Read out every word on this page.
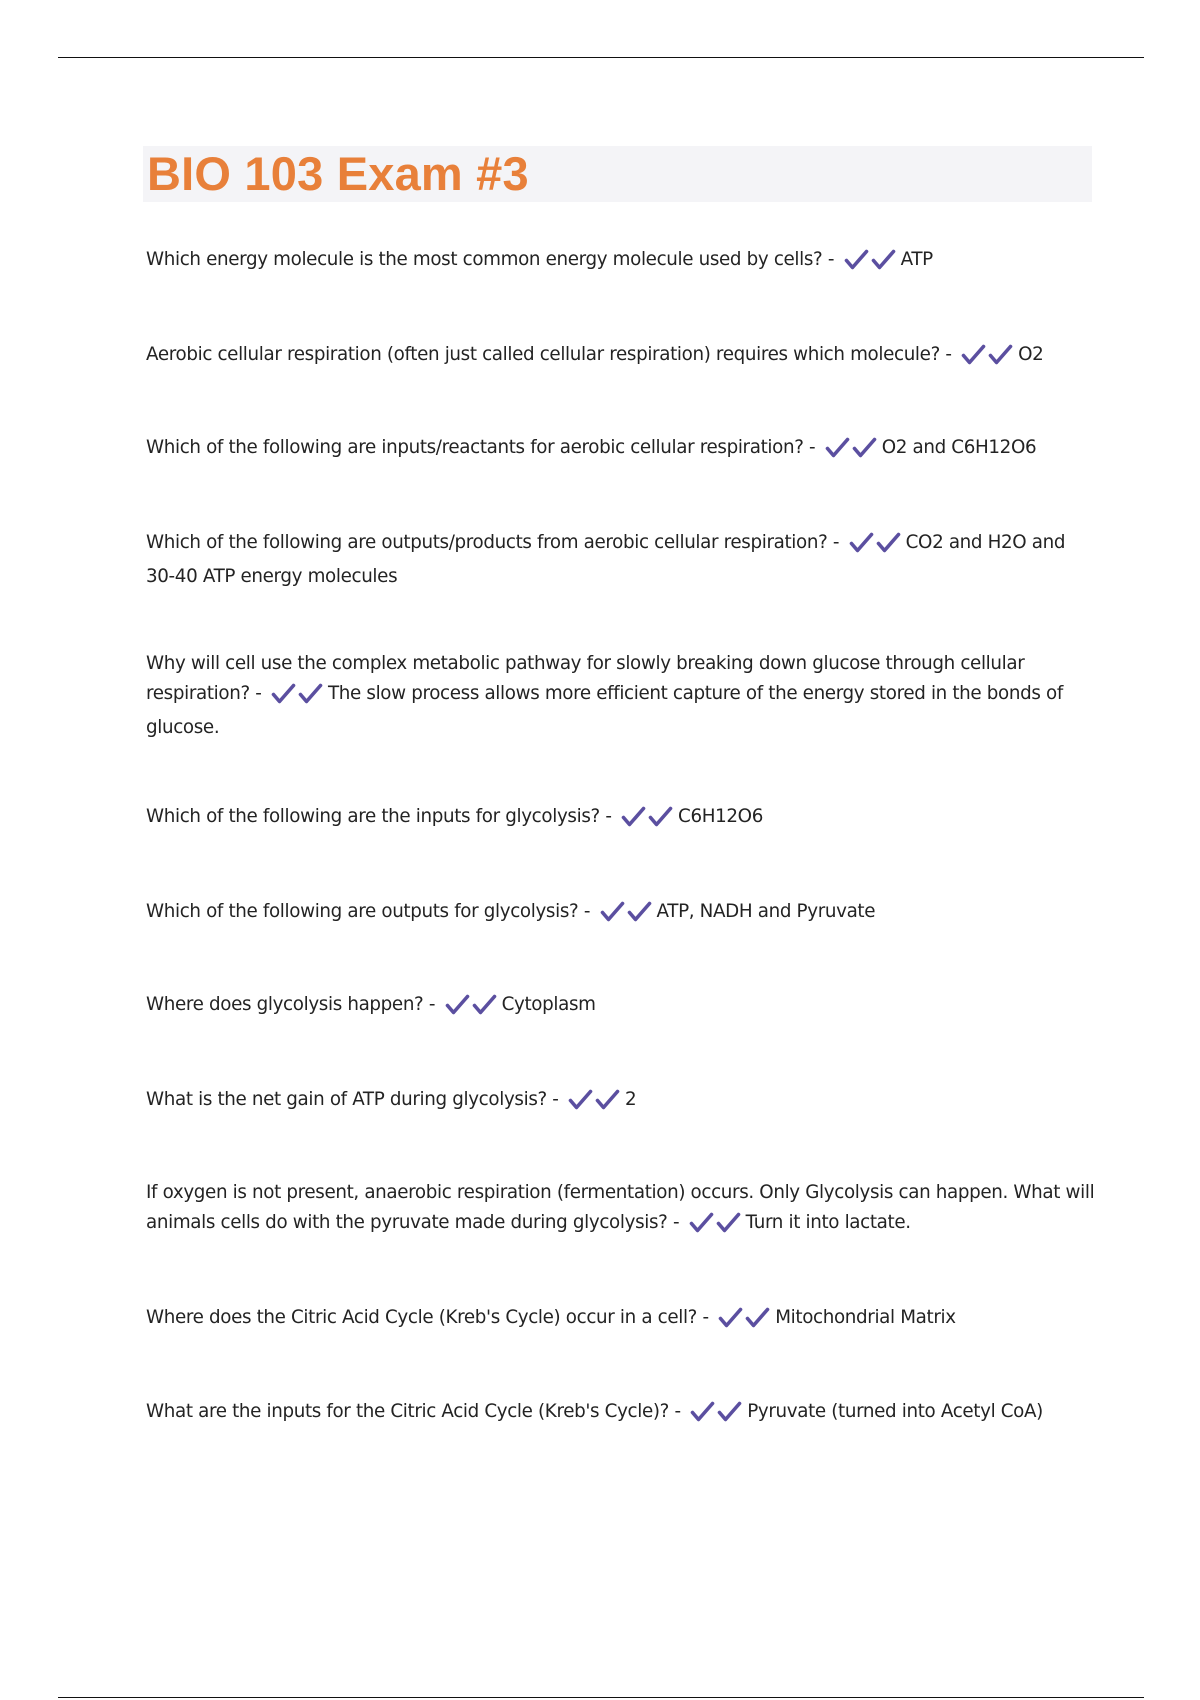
BIO 103 Exam #3
Which energy molecule is the most common energy molecule used by cells? -	ATP
Aerobic cellular respiration (often just called cellular respiration) requires which molecule? -	O2
Which of the following are inputs/reactants for aerobic cellular respiration? -	O2 and C6H12O6
Which of the following are outputs/products from aerobic cellular respiration? -	CO2 and H2O and 30-40 ATP energy molecules
Why will cell use the complex metabolic pathway for slowly breaking down glucose through cellular respiration? -	The slow process allows more efficient capture of the energy stored in the bonds of glucose.
Which of the following are the inputs for glycolysis? -	C6H12O6
Which of the following are outputs for glycolysis? -	ATP, NADH and Pyruvate
Where does glycolysis happen? -	Cytoplasm
What is the net gain of ATP during glycolysis? -	2
If oxygen is not present, anaerobic respiration (fermentation) occurs. Only Glycolysis can happen. What will animals cells do with the pyruvate made during glycolysis? -	Turn it into lactate.
Where does the Citric Acid Cycle (Kreb's Cycle) occur in a cell? -	Mitochondrial Matrix
What are the inputs for the Citric Acid Cycle (Kreb's Cycle)? -	Pyruvate (turned into Acetyl CoA)
